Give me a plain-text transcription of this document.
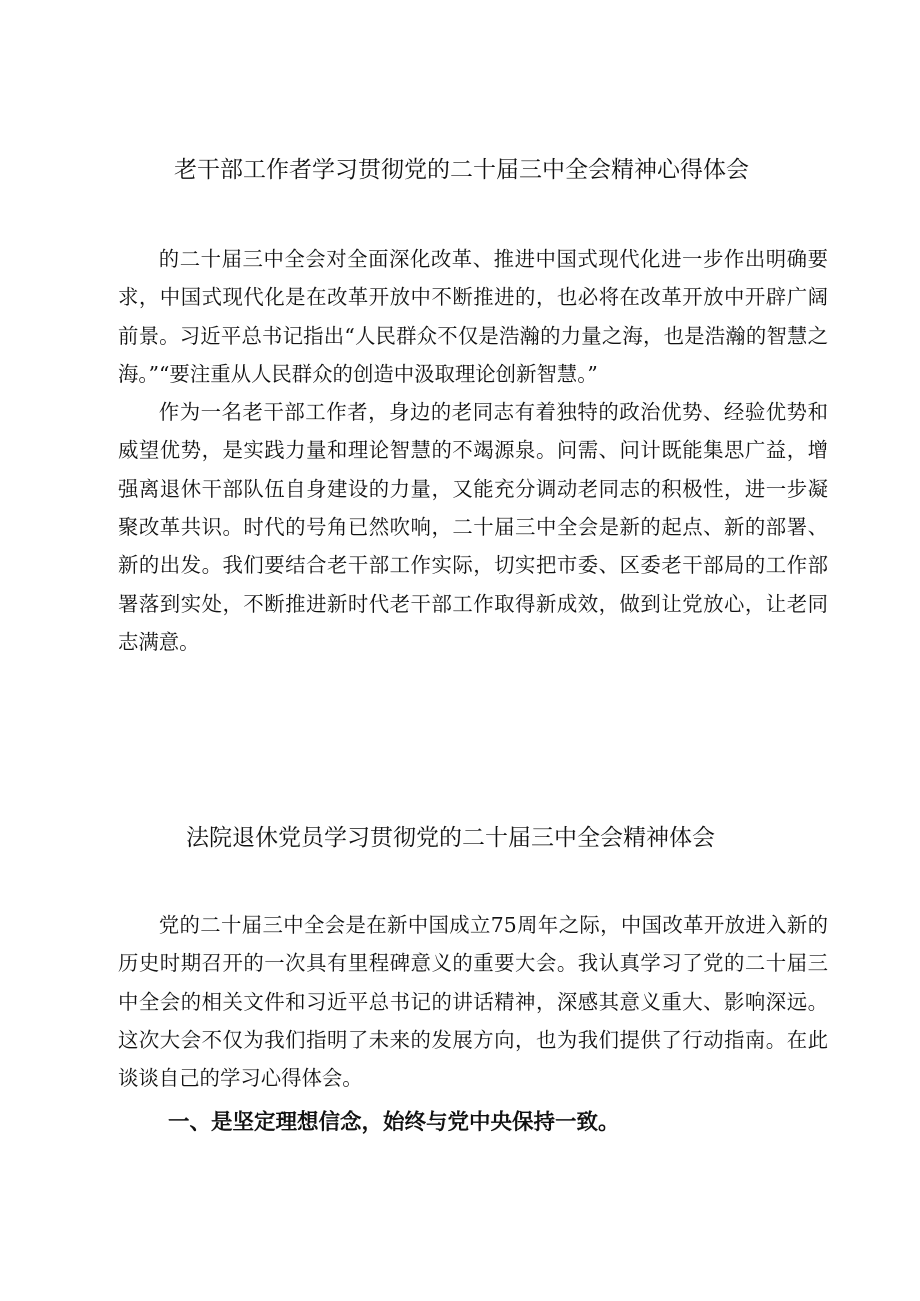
老干部工作者学习贯彻党的二十届三中全会精神心得体会

的二十届三中全会对全面深化改革、推进中国式现代化进一步作出明确要求，中国式现代化是在改革开放中不断推进的，也必将在改革开放中开辟广阔前景。习近平总书记指出“人民群众不仅是浩瀚的力量之海，也是浩瀚的智慧之海。”“要注重从人民群众的创造中汲取理论创新智慧。”

作为一名老干部工作者，身边的老同志有着独特的政治优势、经验优势和威望优势，是实践力量和理论智慧的不竭源泉。问需、问计既能集思广益，增强离退休干部队伍自身建设的力量，又能充分调动老同志的积极性，进一步凝聚改革共识。时代的号角已然吹响，二十届三中全会是新的起点、新的部署、新的出发。我们要结合老干部工作实际，切实把市委、区委老干部局的工作部署落到实处，不断推进新时代老干部工作取得新成效，做到让党放心，让老同志满意。

法院退休党员学习贯彻党的二十届三中全会精神体会

党的二十届三中全会是在新中国成立75周年之际，中国改革开放进入新的历史时期召开的一次具有里程碑意义的重要大会。我认真学习了党的二十届三中全会的相关文件和习近平总书记的讲话精神，深感其意义重大、影响深远。这次大会不仅为我们指明了未来的发展方向，也为我们提供了行动指南。在此谈谈自己的学习心得体会。

一、是坚定理想信念，始终与党中央保持一致。
